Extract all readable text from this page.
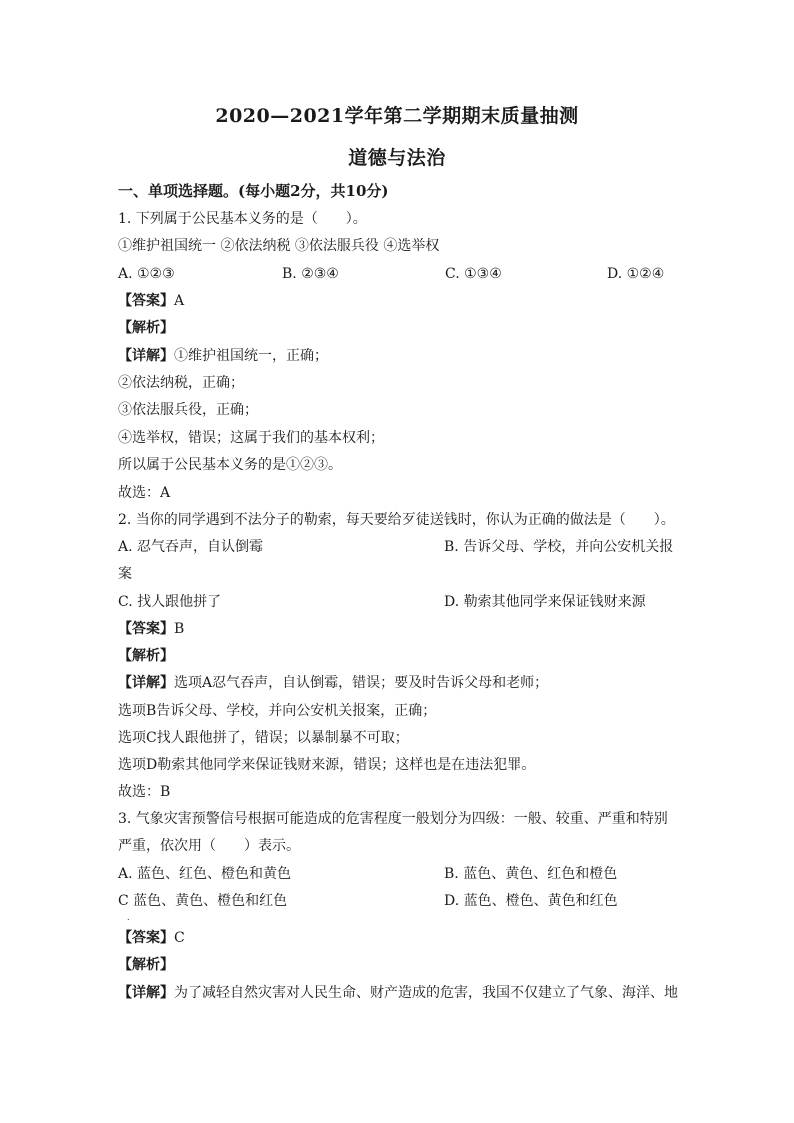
2020—2021学年第二学期期末质量抽测
道德与法治
一、单项选择题。(每小题2分，共10分)
1. 下列属于公民基本义务的是（　　）。
①维护祖国统一 ②依法纳税 ③依法服兵役 ④选举权
A. ①②③	B. ②③④	C. ①③④	D. ①②④
【答案】A
【解析】
【详解】①维护祖国统一，正确；
②依法纳税，正确；
③依法服兵役，正确；
④选举权，错误；这属于我们的基本权利；
所以属于公民基本义务的是①②③。
故选：A
2. 当你的同学遇到不法分子的勒索，每天要给歹徒送钱时，你认为正确的做法是（　　）。
A. 忍气吞声，自认倒霉	B. 告诉父母、学校，并向公安机关报
案
C. 找人跟他拼了	D. 勒索其他同学来保证钱财来源
【答案】B
【解析】
【详解】选项A忍气吞声，自认倒霉，错误；要及时告诉父母和老师；
选项B告诉父母、学校，并向公安机关报案，正确；
选项C找人跟他拼了，错误；以暴制暴不可取；
选项D勒索其他同学来保证钱财来源，错误；这样也是在违法犯罪。
故选：B
3. 气象灾害预警信号根据可能造成的危害程度一般划分为四级：一般、较重、严重和特别
严重，依次用（　　）表示。
A. 蓝色、红色、橙色和黄色	B. 蓝色、黄色、红色和橙色
C 蓝色、黄色、橙色和红色
.
D. 蓝色、橙色、黄色和红色
【答案】C
【解析】
【详解】为了减轻自然灾害对人民生命、财产造成的危害，我国不仅建立了气象、海洋、地
